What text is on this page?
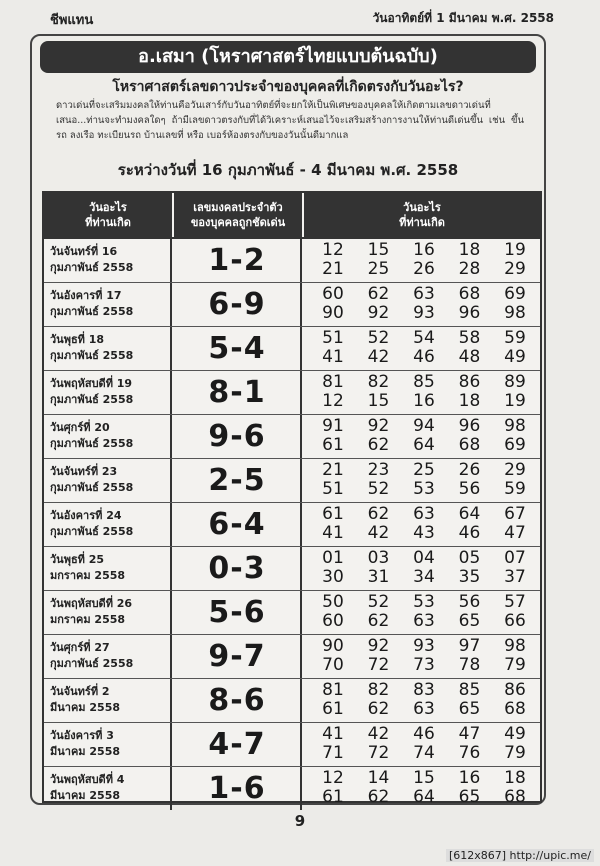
ชีพแทน	วันอาทิตย์ที่ 1 มีนาคม พ.ศ. 2558
อ.เสมา (โหราศาสตร์ไทยแบบต้นฉบับ)
โหราศาสตร์เลขดาวประจำของบุคคลที่เกิดตรงกับวันอะไร?
ดาวเด่นที่จะเสริมมงคลให้ท่านคือวันเสาร์กับวันอาทิตย์ที่จะยกให้เป็นพิเศษของบุคคลให้เกิดตามเลขดาวเด่นที่เสนอ...ท่านจะทำมงคลใดๆ ถ้ามีเลขดาวตรงกับที่ได้วิเคราะห์เสนอไว้จะเสริมสร้างการงานให้ท่านดีเด่นขึ้น เช่น ขึ้นรถ ลงเรือ ทะเบียนรถ บ้านเลขที่ หรือ เบอร์ห้องตรงกับของวันนั้นดีมากแล
ระหว่างวันที่ 16 กุมภาพันธ์ - 4 มีนาคม พ.ศ. 2558
วันอะไร
ที่ท่านเกิด
เลขมงคลประจำตัว
ของบุคคลถูกชัดเด่น
วันอะไร
ที่ท่านเกิด
วันจันทร์ที่ 16
กุมภาพันธ์ 2558	1-2	12	15	16	18	19
21	25	26	28	29
วันอังคารที่ 17
กุมภาพันธ์ 2558	6-9	60	62	63	68	69
90	92	93	96	98
วันพุธที่ 18
กุมภาพันธ์ 2558	5-4	51	52	54	58	59
41	42	46	48	49
วันพฤหัสบดีที่ 19
กุมภาพันธ์ 2558	8-1	81	82	85	86	89
12	15	16	18	19
วันศุกร์ที่ 20
กุมภาพันธ์ 2558	9-6	91	92	94	96	98
61	62	64	68	69
วันจันทร์ที่ 23
กุมภาพันธ์ 2558	2-5	21	23	25	26	29
51	52	53	56	59
วันอังคารที่ 24
กุมภาพันธ์ 2558	6-4	61	62	63	64	67
41	42	43	46	47
วันพุธที่ 25
มกราคม 2558	0-3	01	03	04	05	07
30	31	34	35	37
วันพฤหัสบดีที่ 26
มกราคม 2558	5-6	50	52	53	56	57
60	62	63	65	66
วันศุกร์ที่ 27
กุมภาพันธ์ 2558	9-7	90	92	93	97	98
70	72	73	78	79
วันจันทร์ที่ 2
มีนาคม 2558	8-6	81	82	83	85	86
61	62	63	65	68
วันอังคารที่ 3
มีนาคม 2558	4-7	41	42	46	47	49
71	72	74	76	79
วันพฤหัสบดีที่ 4
มีนาคม 2558	1-6	12	14	15	16	18
61	62	64	65	68
9
[612x867] http://upic.me/
